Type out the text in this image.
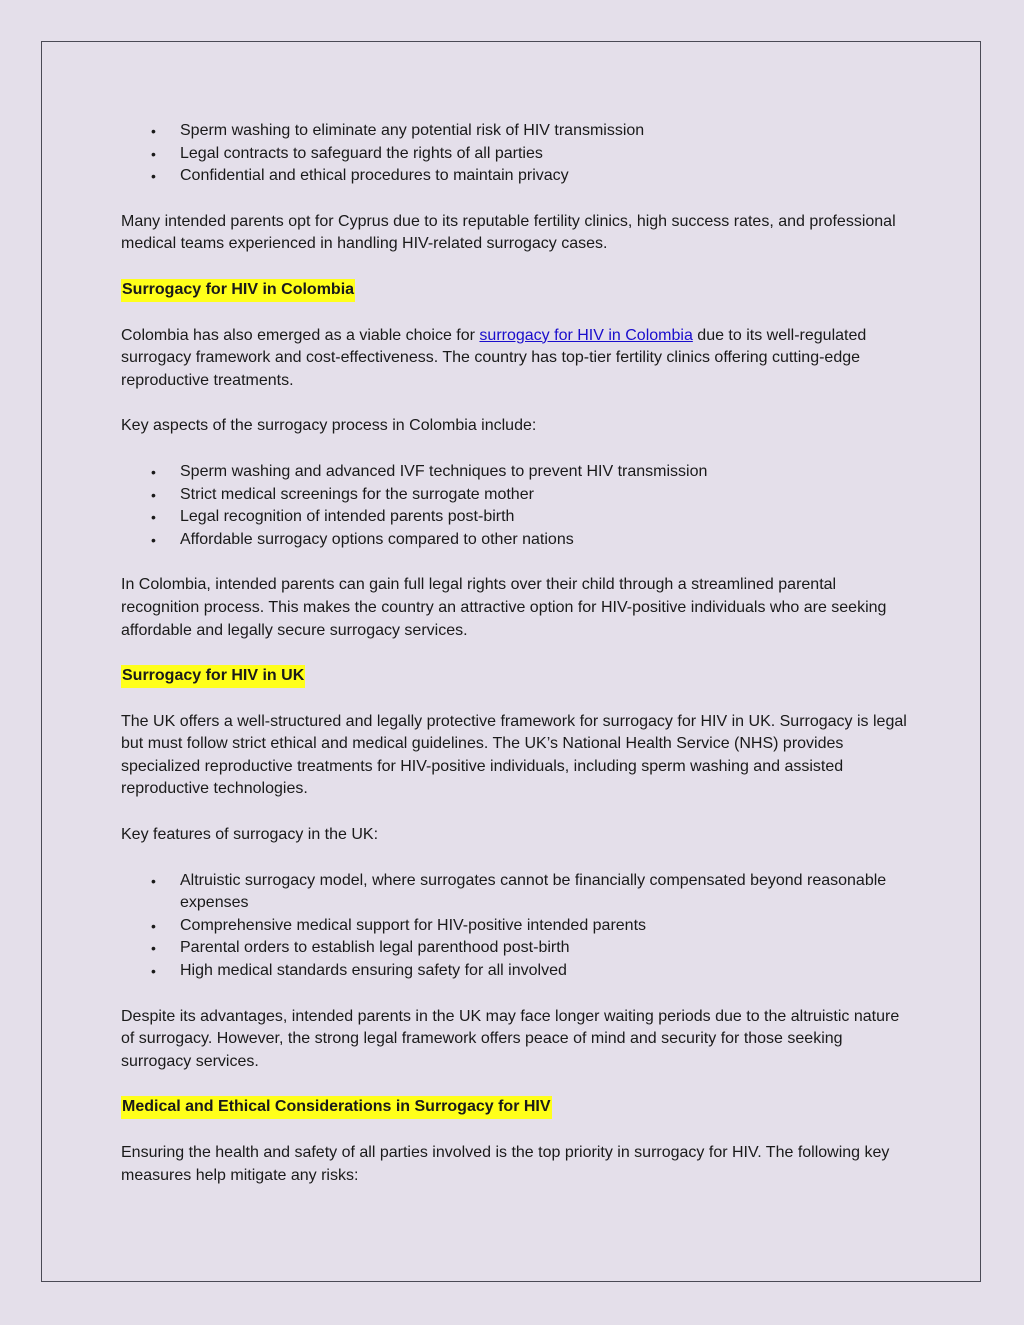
• Sperm washing to eliminate any potential risk of HIV transmission
• Legal contracts to safeguard the rights of all parties
• Confidential and ethical procedures to maintain privacy

Many intended parents opt for Cyprus due to its reputable fertility clinics, high success rates, and professional medical teams experienced in handling HIV-related surrogacy cases.

Surrogacy for HIV in Colombia

Colombia has also emerged as a viable choice for surrogacy for HIV in Colombia due to its well-regulated surrogacy framework and cost-effectiveness. The country has top-tier fertility clinics offering cutting-edge reproductive treatments.

Key aspects of the surrogacy process in Colombia include:

• Sperm washing and advanced IVF techniques to prevent HIV transmission
• Strict medical screenings for the surrogate mother
• Legal recognition of intended parents post-birth
• Affordable surrogacy options compared to other nations

In Colombia, intended parents can gain full legal rights over their child through a streamlined parental recognition process. This makes the country an attractive option for HIV-positive individuals who are seeking affordable and legally secure surrogacy services.

Surrogacy for HIV in UK

The UK offers a well-structured and legally protective framework for surrogacy for HIV in UK. Surrogacy is legal but must follow strict ethical and medical guidelines. The UK’s National Health Service (NHS) provides specialized reproductive treatments for HIV-positive individuals, including sperm washing and assisted reproductive technologies.

Key features of surrogacy in the UK:

• Altruistic surrogacy model, where surrogates cannot be financially compensated beyond reasonable expenses
• Comprehensive medical support for HIV-positive intended parents
• Parental orders to establish legal parenthood post-birth
• High medical standards ensuring safety for all involved

Despite its advantages, intended parents in the UK may face longer waiting periods due to the altruistic nature of surrogacy. However, the strong legal framework offers peace of mind and security for those seeking surrogacy services.

Medical and Ethical Considerations in Surrogacy for HIV

Ensuring the health and safety of all parties involved is the top priority in surrogacy for HIV. The following key measures help mitigate any risks:
